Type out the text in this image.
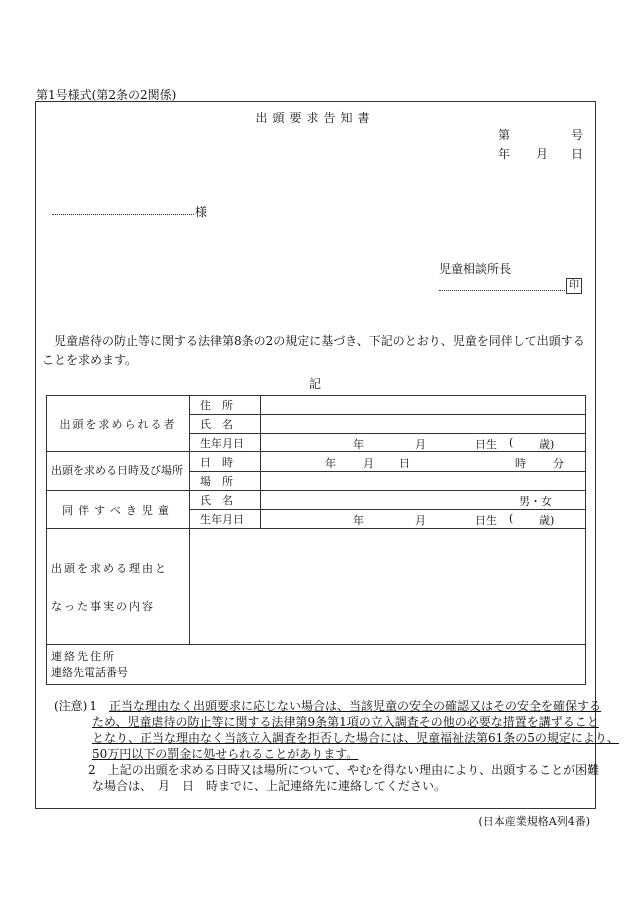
第1号様式(第2条の2関係)
出頭要求告知書
第	号
年 月 日
様
児童相談所長
印
児童虐待の防止等に関する法律第8条の2の規定に基づき、下記のとおり、児童を同伴して出頭することを求めます。
記
出頭を求められる者	住　所	
	氏　名	
	生年月日	年 月 日生 ( 歳)

出頭を求める日時及び場所	日　時	年 月 日 時 分

	場　所	
同伴すべき児童	氏　名	男・女

	生年月日	年 月 日生 ( 歳)

出頭を求める理由と
なった事実の内容		

連絡先住所
連絡先電話番号		
(注意) 1　 正当な理由なく出頭要求に応じない場合は、当該児童の安全の確認又はその安全を確保する
ため、児童虐待の防止等に関する法律第9条第1項の立入調査その他の必要な措置を講ずること
となり、正当な理由なく当該立入調査を拒否した場合には、児童福祉法第61条の5の規定により、
50万円以下の罰金に処せられることがあります。
2　 上記の出頭を求める日時又は場所について、やむを得ない理由により、出頭することが困難
な場合は、　月　日　時までに、上記連絡先に連絡してください。
(日本産業規格A列4番)
